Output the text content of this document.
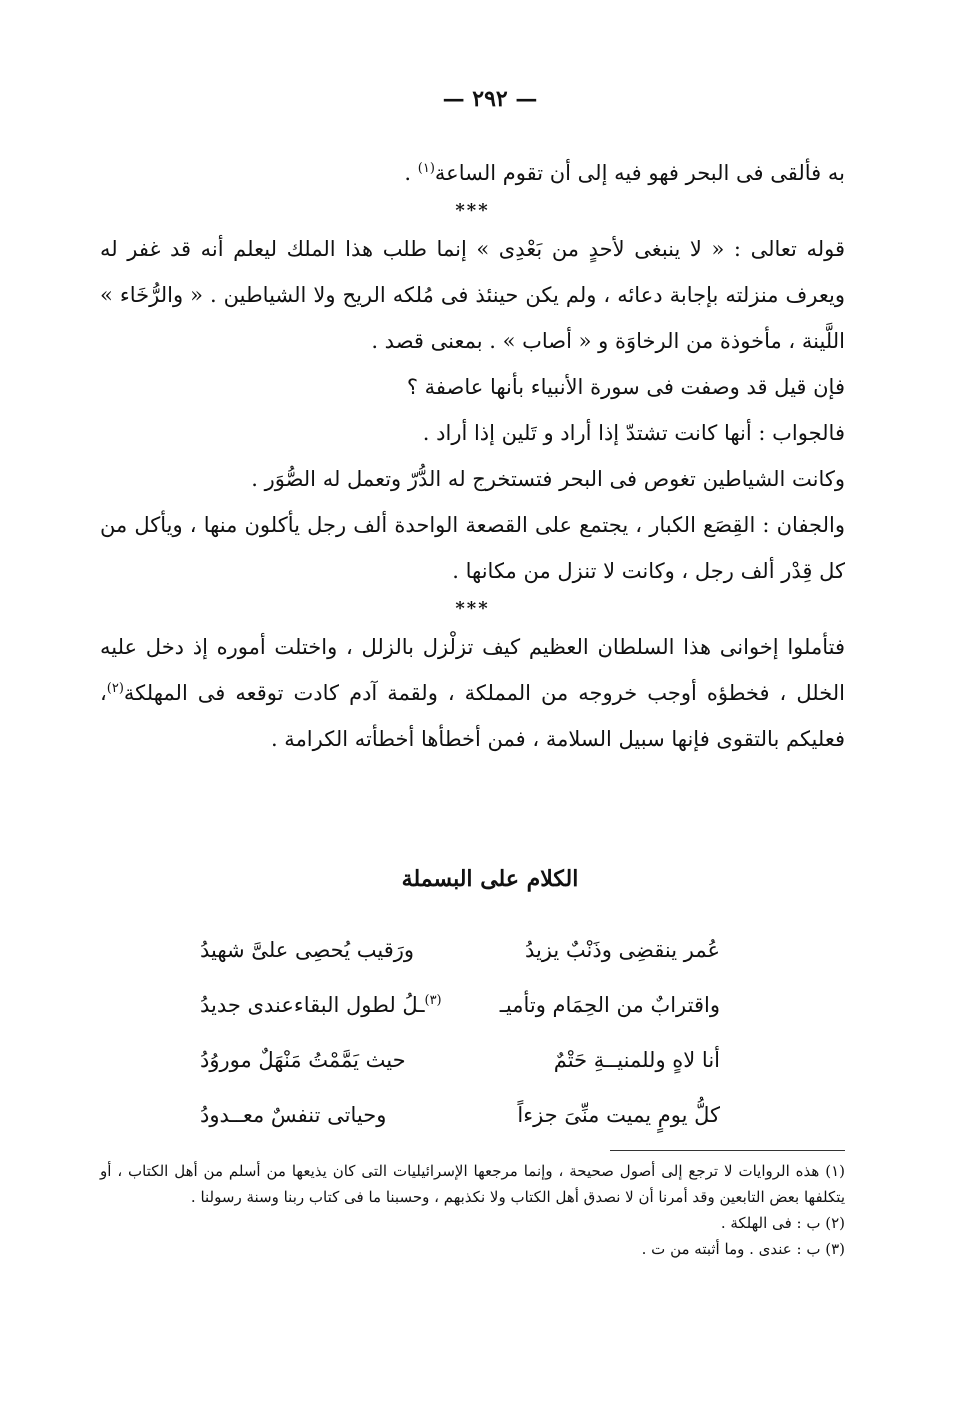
— ٢٩٢ —

به فألقى فى البحر فهو فيه إلى أن تقوم الساعة$^{(١)}$ .

***

قوله تعالى : « لا ينبغى لأحدٍ من بَعْدِى » إنما طلب هذا الملك ليعلم أنه قد غفر له ويعرف منزلته بإجابة دعائه ، ولم يكن حينئذ فى مُلكه الريح ولا الشياطين . « والرُّخَاء » اللَّينة ، مأخوذة من الرخاوَة و « أصاب » . بمعنى قصد .

فإن قيل قد وصفت فى سورة الأنبياء بأنها عاصفة ؟

فالجواب : أنها كانت تشتدّ إذا أراد و تَلين إذا أراد .

وكانت الشياطين تغوص فى البحر فتستخرج له الدُّرّ وتعمل له الصُّوَر .

والجفان : القِصَع الكبار ، يجتمع على القصعة الواحدة ألف رجل يأكلون منها ، ويأكل من كل قِدْر ألف رجل ، وكانت لا تنزل من مكانها .

***

فتأملوا إخوانى هذا السلطان العظيم كيف تزلْزل بالزلل ، واختلت أموره إذ دخل عليه الخلل ، فخطؤه أوجب خروجه من المملكة ، ولقمة آدم كادت توقعه فى المهلكة$^{(٢)}$، فعليكم بالتقوى فإنها سبيل السلامة ، فمن أخطأها أخطأته الكرامة .

الكلام على البسملة
عُمر ينقضِى وذَنْبٌ يزيدُ
ورَقيب يُحصِى علىَّ شهيدُ
واقترابٌ من الحِمَام وتأميـ
$^{(٣)}$ـلُ لطول البقاءعندى جديدُ
أنا لاهٍ وللمنيــةِ حَتْمٌ
حيث يَمَّمْتُ مَنْهَلٌ موروُدُ
كلُّ يومٍ يميت منِّىَ جزءاً
وحياتى تنفسٌ معــدودُ

(١) هذه الروايات لا ترجع إلى أصول صحيحة ، وإنما مرجعها الإسرائيليات التى كان يذيعها من أسلم من أهل الكتاب ، أو يتكلفها بعض التابعين وقد أمرنا أن لا نصدق أهل الكتاب ولا نكذبهم ، وحسبنا ما فى كتاب ربنا وسنة رسولنا .

(٢) ب : فى الهلكة .

(٣) ب : عندى . وما أثبته من ت .
